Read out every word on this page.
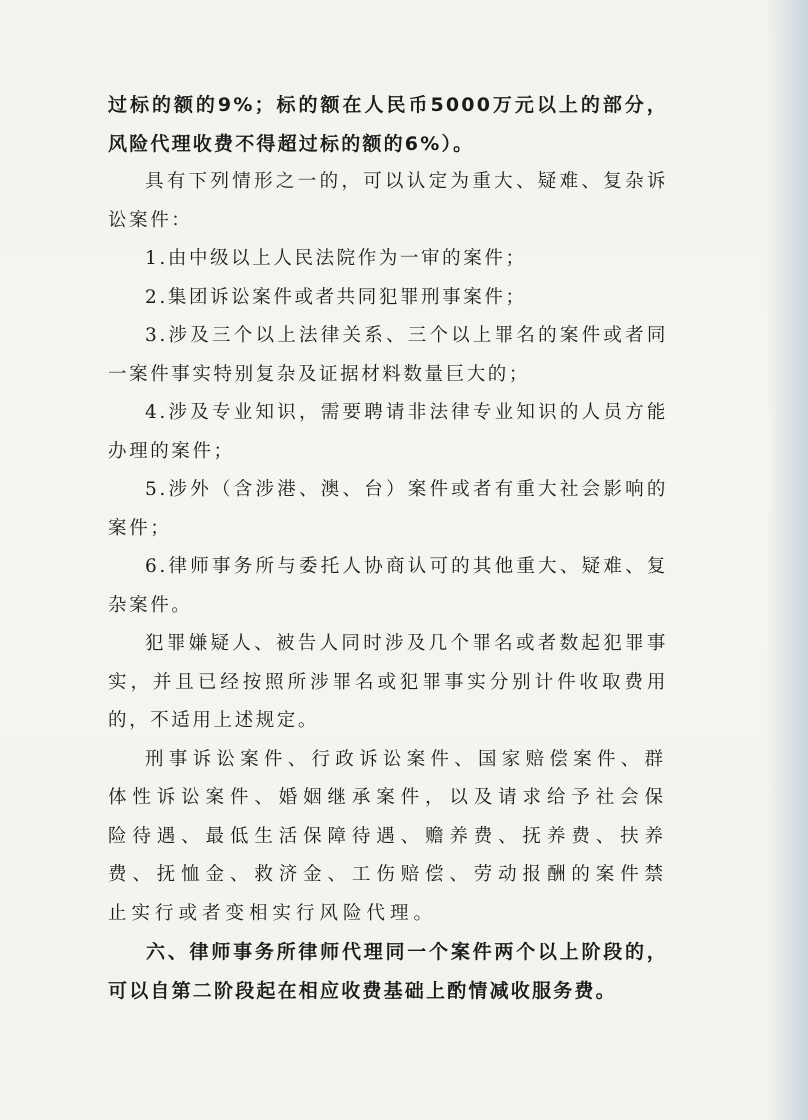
过标的额的9%；标的额在人民币5000万元以上的部分，风险代理收费不得超过标的额的6%）。

具有下列情形之一的，可以认定为重大、疑难、复杂诉讼案件：

1.由中级以上人民法院作为一审的案件；

2.集团诉讼案件或者共同犯罪刑事案件；

3.涉及三个以上法律关系、三个以上罪名的案件或者同一案件事实特别复杂及证据材料数量巨大的；

4.涉及专业知识，需要聘请非法律专业知识的人员方能办理的案件；

5.涉外（含涉港、澳、台）案件或者有重大社会影响的案件；

6.律师事务所与委托人协商认可的其他重大、疑难、复杂案件。

犯罪嫌疑人、被告人同时涉及几个罪名或者数起犯罪事实，并且已经按照所涉罪名或犯罪事实分别计件收取费用的，不适用上述规定。

刑事诉讼案件、行政诉讼案件、国家赔偿案件、群体性诉讼案件、婚姻继承案件，以及请求给予社会保险待遇、最低生活保障待遇、赡养费、抚养费、扶养费、抚恤金、救济金、工伤赔偿、劳动报酬的案件禁止实行或者变相实行风险代理。

六、律师事务所律师代理同一个案件两个以上阶段的，可以自第二阶段起在相应收费基础上酌情减收服务费。
